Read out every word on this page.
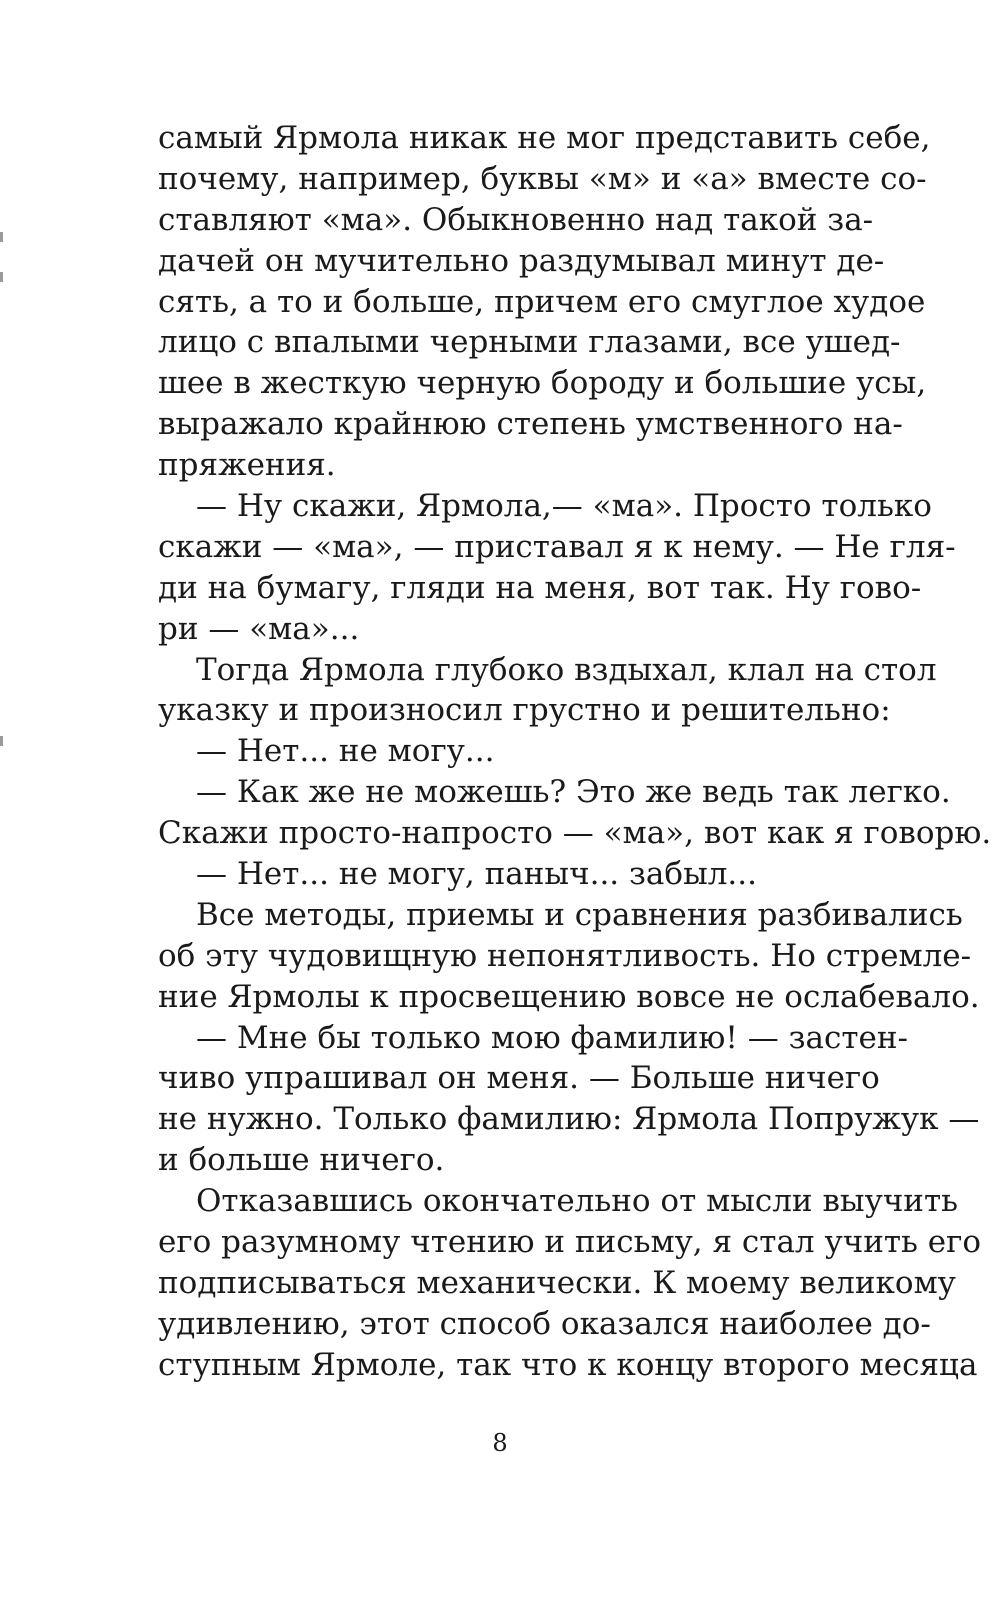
самый Ярмола никак не мог представить себе,
почему, например, буквы «м» и «а» вместе со-
ставляют «ма». Обыкновенно над такой за-
дачей он мучительно раздумывал минут де-
сять, а то и больше, причем его смуглое худое
лицо с впалыми черными глазами, все ушед-
шее в жесткую черную бороду и большие усы,
выражало крайнюю степень умственного на-
пряжения.
— Ну скажи, Ярмола,— «ма». Просто только
скажи — «ма», — приставал я к нему. — Не гля-
ди на бумагу, гляди на меня, вот так. Ну гово-
ри — «ма»...
Тогда Ярмола глубоко вздыхал, клал на стол
указку и произносил грустно и решительно:
— Нет... не могу...
— Как же не можешь? Это же ведь так легко.
Скажи просто-напросто — «ма», вот как я говорю.
— Нет... не могу, паныч... забыл...
Все методы, приемы и сравнения разбивались
об эту чудовищную непонятливость. Но стремле-
ние Ярмолы к просвещению вовсе не ослабевало.
— Мне бы только мою фамилию! — застен-
чиво упрашивал он меня. — Больше ничего
не нужно. Только фамилию: Ярмола Попружук —
и больше ничего.
Отказавшись окончательно от мысли выучить
его разумному чтению и письму, я стал учить его
подписываться механически. К моему великому
удивлению, этот способ оказался наиболее до-
ступным Ярмоле, так что к концу второго месяца
8
